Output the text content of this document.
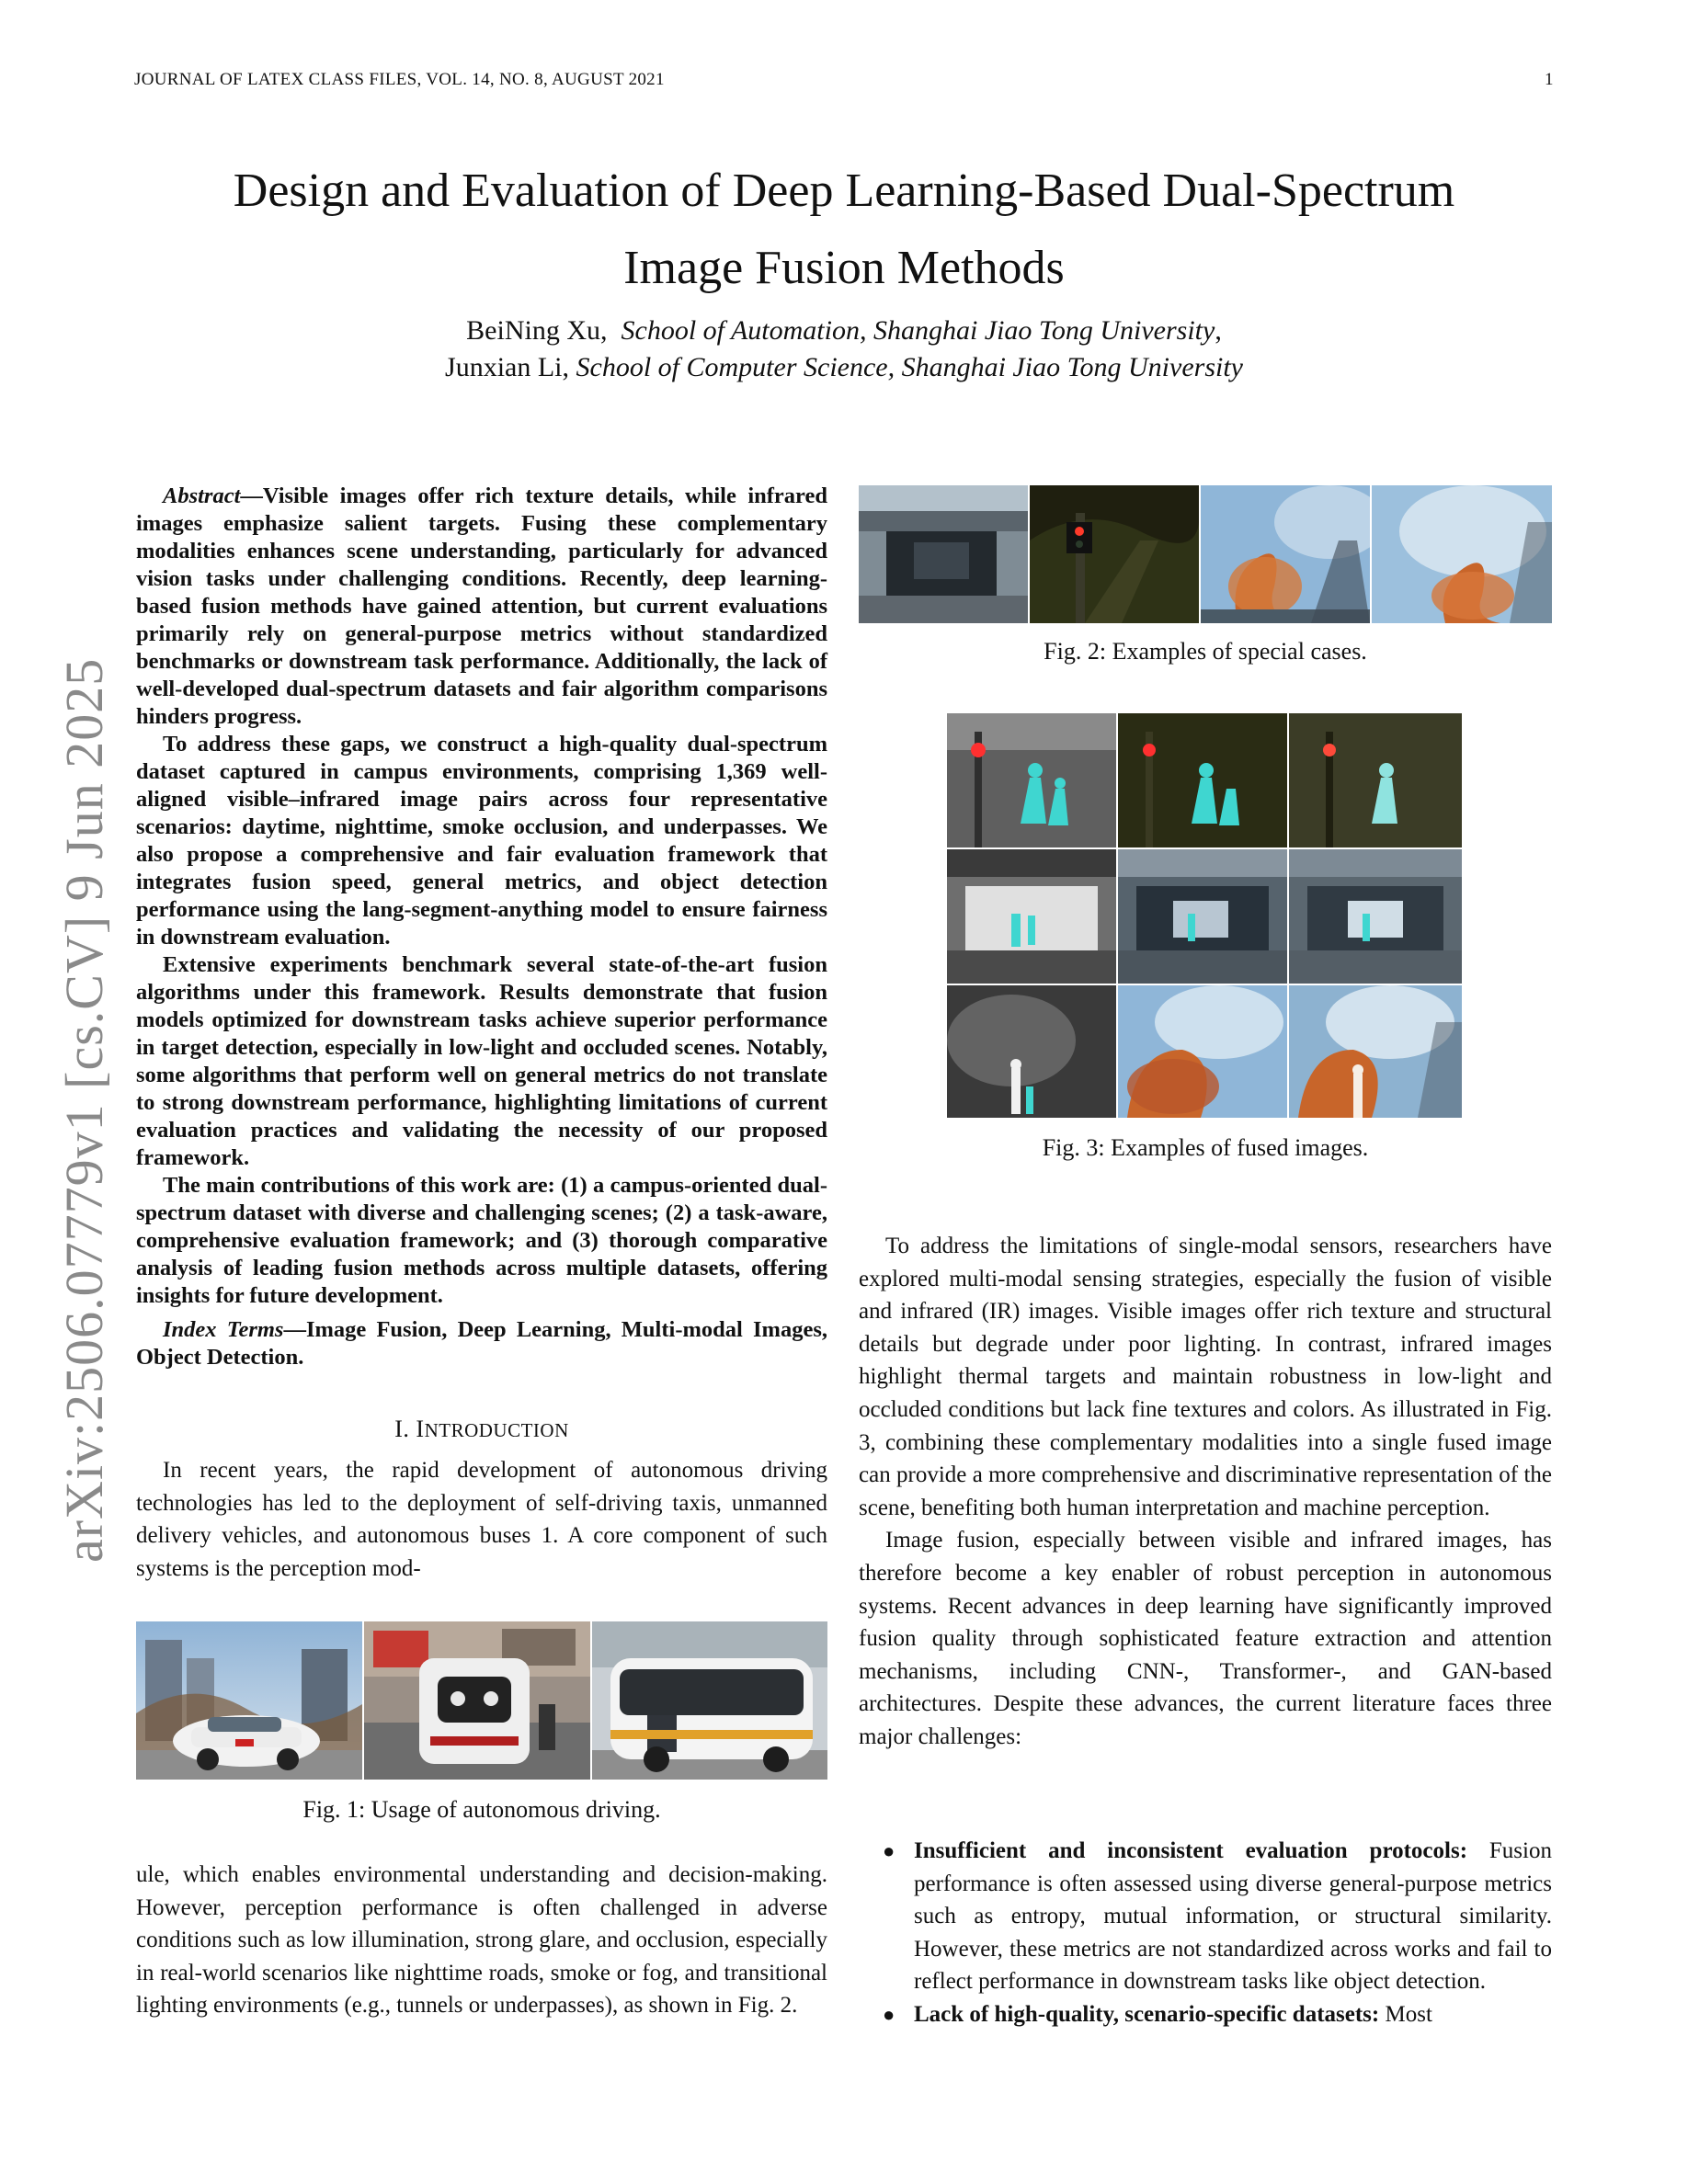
JOURNAL OF LATEX CLASS FILES, VOL. 14, NO. 8, AUGUST 2021	1
arXiv:2506.07779v1 [cs.CV] 9 Jun 2025
Design and Evaluation of Deep Learning-Based Dual-Spectrum
Image Fusion Methods
BeiNing Xu, School of Automation, Shanghai Jiao Tong University,
Junxian Li, School of Computer Science, Shanghai Jiao Tong University

Abstract—Visible images offer rich texture details, while infrared images emphasize salient targets. Fusing these complementary modalities enhances scene understanding, particularly for advanced vision tasks under challenging conditions. Recently, deep learning-based fusion methods have gained attention, but current evaluations primarily rely on general-purpose metrics without standardized benchmarks or downstream task performance. Additionally, the lack of well-developed dual-spectrum datasets and fair algorithm comparisons hinders progress.

To address these gaps, we construct a high-quality dual-spectrum dataset captured in campus environments, comprising 1,369 well-aligned visible–infrared image pairs across four representative scenarios: daytime, nighttime, smoke occlusion, and underpasses. We also propose a comprehensive and fair evaluation framework that integrates fusion speed, general metrics, and object detection performance using the lang-segment-anything model to ensure fairness in downstream evaluation.

Extensive experiments benchmark several state-of-the-art fusion algorithms under this framework. Results demonstrate that fusion models optimized for downstream tasks achieve superior performance in target detection, especially in low-light and occluded scenes. Notably, some algorithms that perform well on general metrics do not translate to strong downstream performance, highlighting limitations of current evaluation practices and validating the necessity of our proposed framework.

The main contributions of this work are: (1) a campus-oriented dual-spectrum dataset with diverse and challenging scenes; (2) a task-aware, comprehensive evaluation framework; and (3) thorough comparative analysis of leading fusion methods across multiple datasets, offering insights for future development.

Index Terms—Image Fusion, Deep Learning, Multi-modal Images, Object Detection.
I. INTRODUCTION

In recent years, the rapid development of autonomous driving technologies has led to the deployment of self-driving taxis, unmanned delivery vehicles, and autonomous buses 1. A core component of such systems is the perception mod-

Fig. 1: Usage of autonomous driving.

ule, which enables environmental understanding and decision-making. However, perception performance is often challenged in adverse conditions such as low illumination, strong glare, and occlusion, especially in real-world scenarios like nighttime roads, smoke or fog, and transitional lighting environments (e.g., tunnels or underpasses), as shown in Fig. 2.

Fig. 2: Examples of special cases.
Fig. 3: Examples of fused images.

To address the limitations of single-modal sensors, researchers have explored multi-modal sensing strategies, especially the fusion of visible and infrared (IR) images. Visible images offer rich texture and structural details but degrade under poor lighting. In contrast, infrared images highlight thermal targets and maintain robustness in low-light and occluded conditions but lack fine textures and colors. As illustrated in Fig. 3, combining these complementary modalities into a single fused image can provide a more comprehensive and discriminative representation of the scene, benefiting both human interpretation and machine perception.

Image fusion, especially between visible and infrared images, has therefore become a key enabler of robust perception in autonomous systems. Recent advances in deep learning have significantly improved fusion quality through sophisticated feature extraction and attention mechanisms, including CNN-, Transformer-, and GAN-based architectures. Despite these advances, the current literature faces three major challenges:

● Insufficient and inconsistent evaluation protocols: Fusion performance is often assessed using diverse general-purpose metrics such as entropy, mutual information, or structural similarity. However, these metrics are not standardized across works and fail to reflect performance in downstream tasks like object detection.
● Lack of high-quality, scenario-specific datasets: Most
